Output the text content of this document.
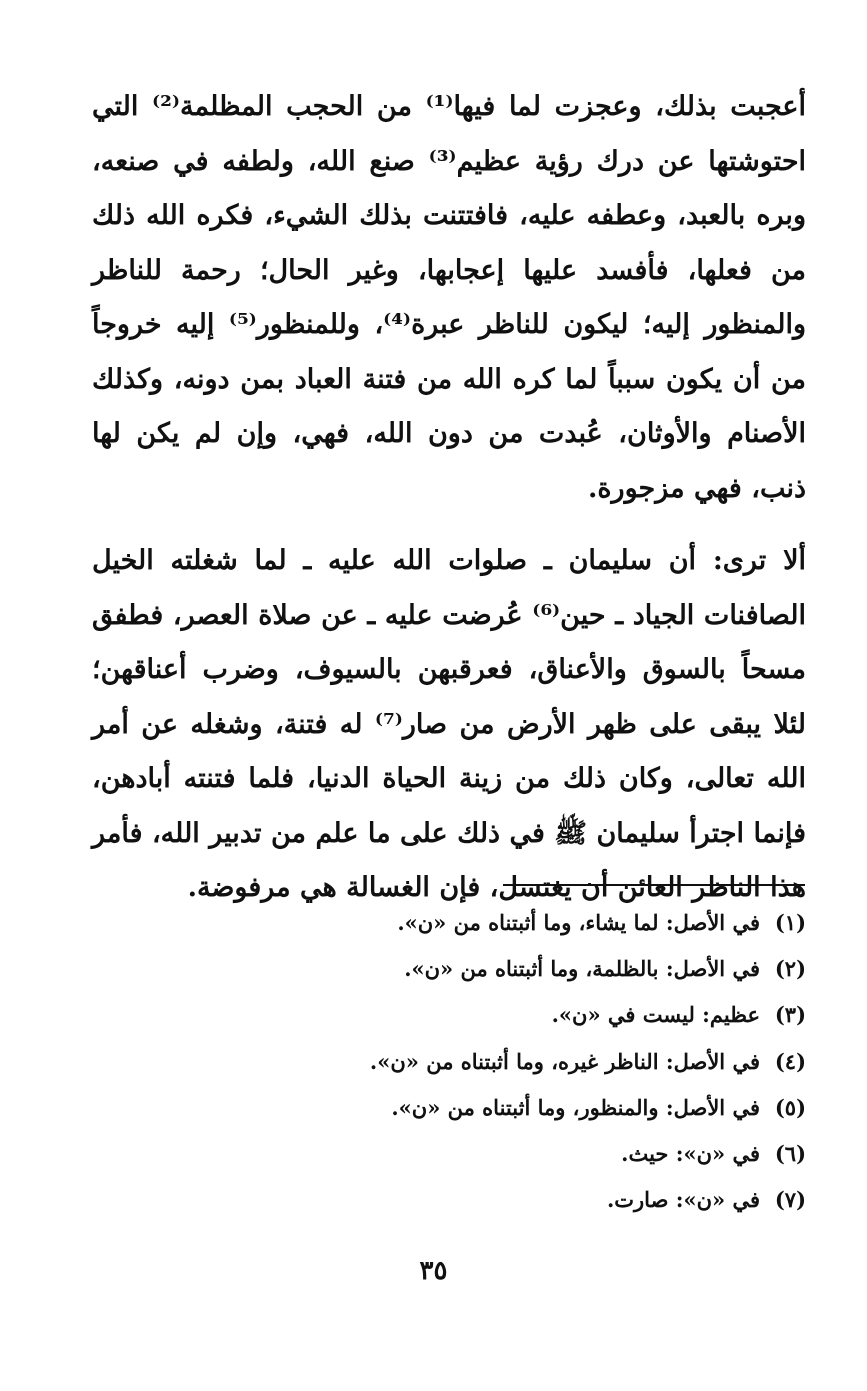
أعجبت بذلك، وعجزت لما فيها⁽¹⁾ من الحجب المظلمة⁽²⁾ التي احتوشتها عن درك رؤية عظيم⁽³⁾ صنع الله، ولطفه في صنعه، وبره بالعبد، وعطفه عليه، فافتتنت بذلك الشيء، فكره الله ذلك من فعلها، فأفسد عليها إعجابها، وغير الحال؛ رحمة للناظر والمنظور إليه؛ ليكون للناظر عبرة⁽⁴⁾، وللمنظور⁽⁵⁾ إليه خروجاً من أن يكون سبباً لما كره الله من فتنة العباد بمن دونه، وكذلك الأصنام والأوثان، عُبدت من دون الله، فهي، وإن لم يكن لها ذنب، فهي مزجورة.

ألا ترى: أن سليمان ـ صلوات الله عليه ـ لما شغلته الخيل الصافنات الجياد ـ حين⁽⁶⁾ عُرضت عليه ـ عن صلاة العصر، فطفق مسحاً بالسوق والأعناق، فعرقبهن بالسيوف، وضرب أعناقهن؛ لئلا يبقى على ظهر الأرض من صار⁽⁷⁾ له فتنة، وشغله عن أمر الله تعالى، وكان ذلك من زينة الحياة الدنيا، فلما فتنته أبادهن، فإنما اجترأ سليمان ﷺ في ذلك على ما علم من تدبير الله، فأمر هذا الناظر العائن أن يغتسل، فإن الغسالة هي مرفوضة.

(١)في الأصل: لما يشاء، وما أثبتناه من «ن».
(٢)في الأصل: بالظلمة، وما أثبتناه من «ن».
(٣)عظيم: ليست في «ن».
(٤)في الأصل: الناظر غيره، وما أثبتناه من «ن».
(٥)في الأصل: والمنظور، وما أثبتناه من «ن».
(٦)في «ن»: حيث.
(٧)في «ن»: صارت.
٣٥
